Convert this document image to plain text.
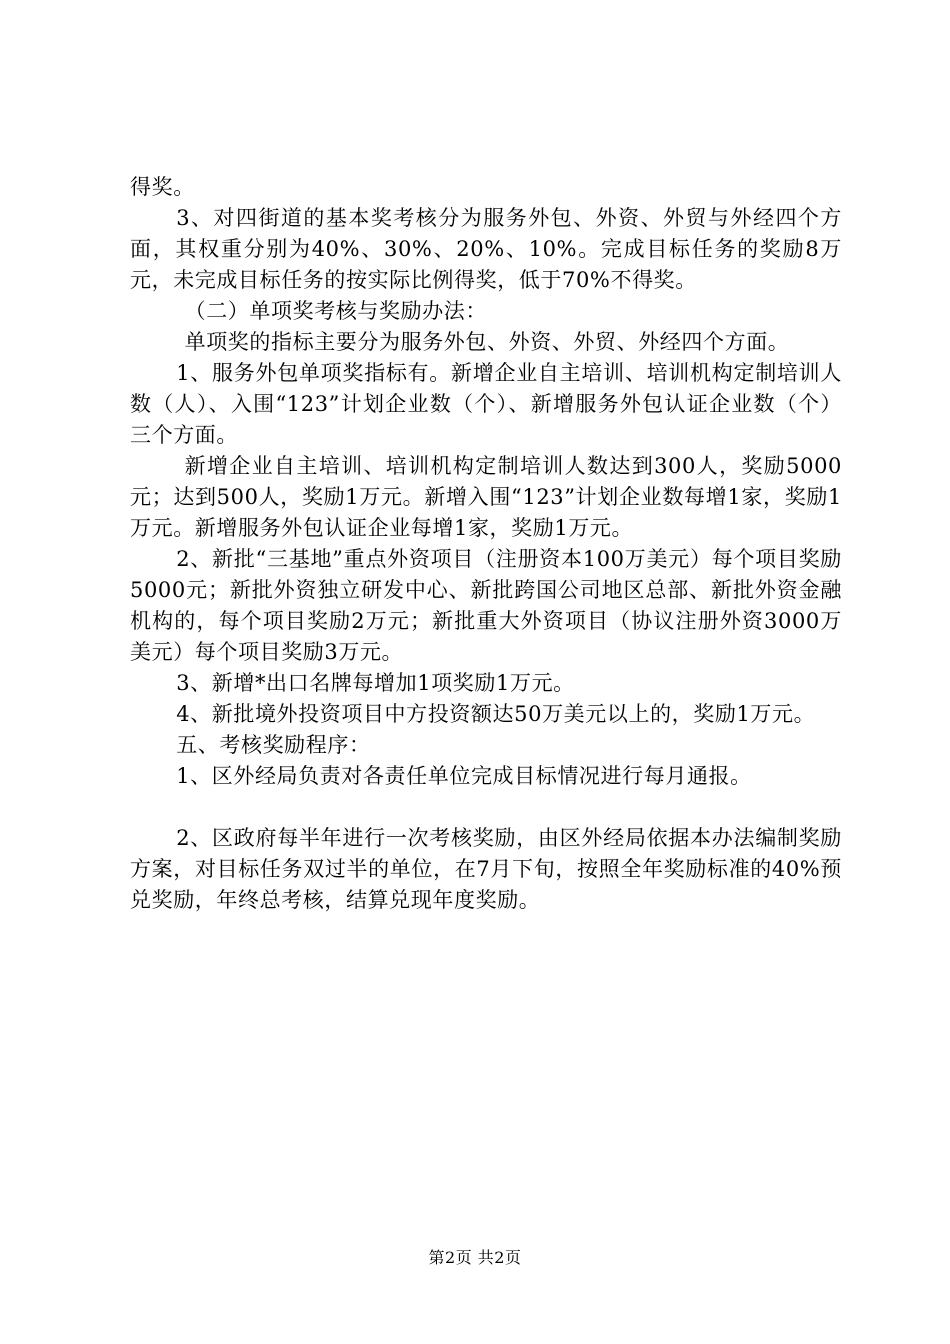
得奖。

3、对四街道的基本奖考核分为服务外包、外资、外贸与外经四个方面，其权重分别为40%、30%、20%、10%。完成目标任务的奖励8万元，未完成目标任务的按实际比例得奖，低于70%不得奖。

（二）单项奖考核与奖励办法：

单项奖的指标主要分为服务外包、外资、外贸、外经四个方面。

1、服务外包单项奖指标有。新增企业自主培训、培训机构定制培训人数（人）、入围“123”计划企业数（个）、新增服务外包认证企业数（个）三个方面。

新增企业自主培训、培训机构定制培训人数达到300人，奖励5000元；达到500人，奖励1万元。新增入围“123”计划企业数每增1家，奖励1万元。新增服务外包认证企业每增1家，奖励1万元。

2、新批“三基地”重点外资项目（注册资本100万美元）每个项目奖励5000元；新批外资独立研发中心、新批跨国公司地区总部、新批外资金融机构的，每个项目奖励2万元；新批重大外资项目（协议注册外资3000万美元）每个项目奖励3万元。

3、新增*出口名牌每增加1项奖励1万元。

4、新批境外投资项目中方投资额达50万美元以上的，奖励1万元。

五、考核奖励程序：

1、区外经局负责对各责任单位完成目标情况进行每月通报。

2、区政府每半年进行一次考核奖励，由区外经局依据本办法编制奖励方案，对目标任务双过半的单位，在7月下旬，按照全年奖励标准的40%预兑奖励，年终总考核，结算兑现年度奖励。

第2页 共2页
